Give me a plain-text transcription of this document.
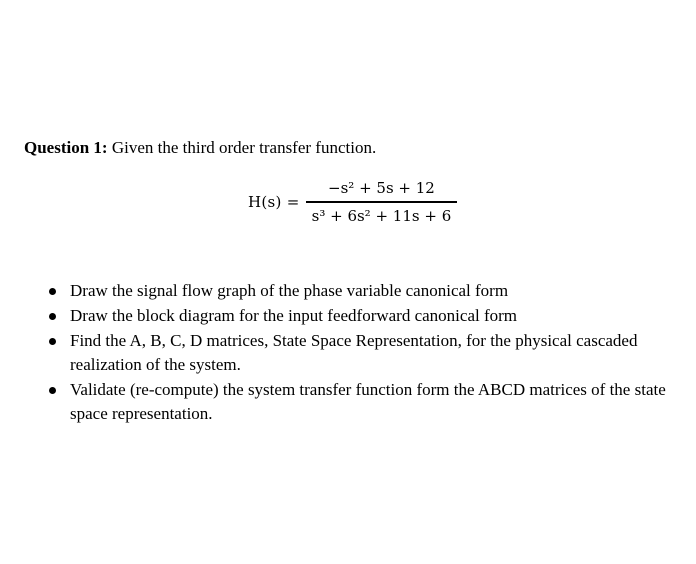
Question 1: Given the third order transfer function.
$H(s) = \frac{\text{−s² + 5s + 12}}{\text{s³ + 6s² + 11s + 6}}$
Draw the signal flow graph of the phase variable canonical form
Draw the block diagram for the input feedforward canonical form
Find the A, B, C, D matrices, State Space Representation, for the physical cascaded realization of the system.
Validate (re-compute) the system transfer function form the ABCD matrices of the state space representation.
